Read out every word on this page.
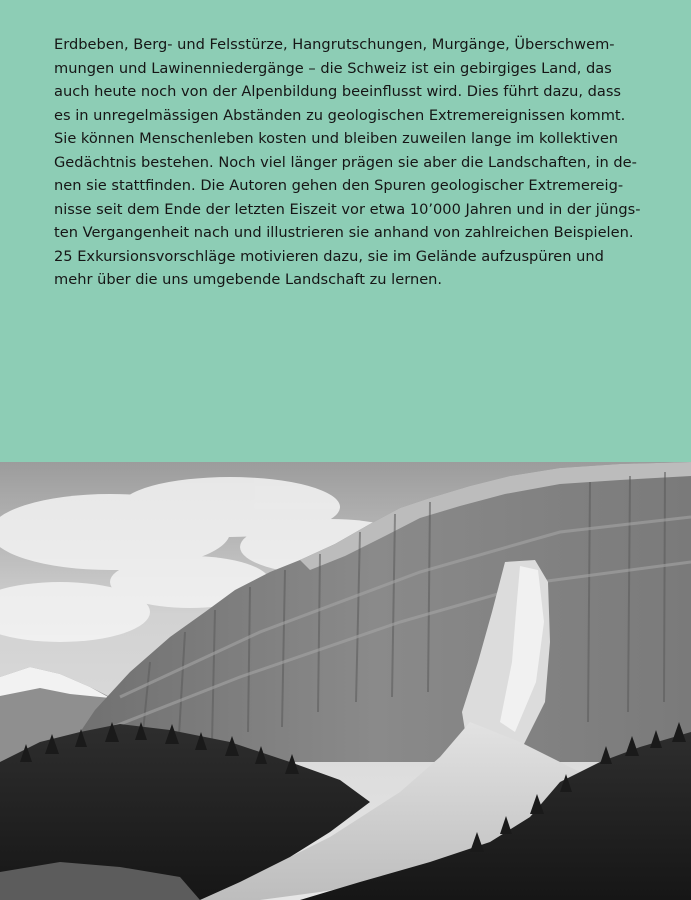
Erdbeben, Berg- und Felsstürze, Hangrutschungen, Murgänge, Überschwem-
mungen und Lawinenniedergänge – die Schweiz ist ein gebirgiges Land, das
auch heute noch von der Alpenbildung beeinflusst wird. Dies führt dazu, dass
es in unregelmässigen Abständen zu geologischen Extremereignissen kommt.
Sie können Menschenleben kosten und bleiben zuweilen lange im kollektiven
Gedächtnis bestehen. Noch viel länger prägen sie aber die Landschaften, in de-
nen sie stattfinden. Die Autoren gehen den Spuren geologischer Extremereig-
nisse seit dem Ende der letzten Eiszeit vor etwa 10’000 Jahren und in der jüngs-
ten Vergangenheit nach und illustrieren sie anhand von zahlreichen Beispielen.
25 Exkursionsvorschläge motivieren dazu, sie im Gelände aufzuspüren und
mehr über die uns umgebende Landschaft zu lernen.
